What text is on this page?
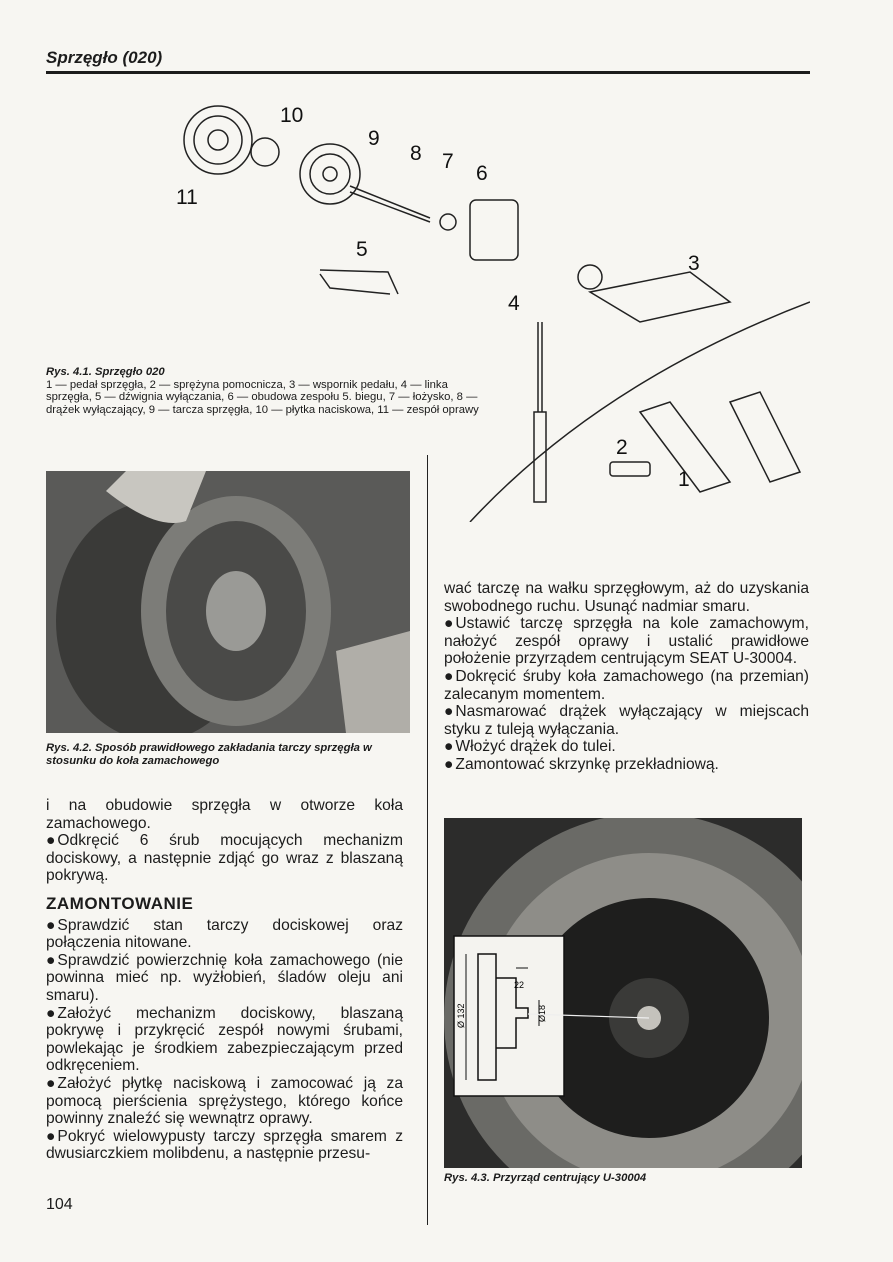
Sprzęgło (020)
10
9
8 7
6
5
4
3
2
1
11
Rys. 4.1. Sprzęgło 020
1 — pedał sprzęgła, 2 — sprężyna pomocnicza, 3 — wspornik pedału, 4 — linka sprzęgła, 5 — dźwignia wyłączania, 6 — obudowa zespołu 5. biegu, 7 — łożysko, 8 — drążek wyłączający, 9 — tarcza sprzęgła, 10 — płytka naciskowa, 11 — zespół oprawy
Rys. 4.2. Sposób prawidłowego zakładania tarczy sprzęgła w stosunku do koła zamachowego

i na obudowie sprzęgła w otworze koła zamachowego.

● Odkręcić 6 śrub mocujących mechanizm dociskowy, a następnie zdjąć go wraz z blaszaną pokrywą.

ZAMONTOWANIE

● Sprawdzić stan tarczy dociskowej oraz połączenia nitowane.

● Sprawdzić powierzchnię koła zamachowego (nie powinna mieć np. wyżłobień, śladów oleju ani smaru).

● Założyć mechanizm dociskowy, blaszaną pokrywę i przykręcić zespół nowymi śrubami, powlekając je środkiem zabezpieczającym przed odkręceniem.

● Założyć płytkę naciskową i zamocować ją za pomocą pierścienia sprężystego, którego końce powinny znaleźć się wewnątrz oprawy.

● Pokryć wielowypusty tarczy sprzęgła smarem z dwusiarczkiem molibdenu, a następnie przesu-

wać tarczę na wałku sprzęgłowym, aż do uzyskania swobodnego ruchu. Usunąć nadmiar smaru.

● Ustawić tarczę sprzęgła na kole zamachowym, nałożyć zespół oprawy i ustalić prawidłowe położenie przyrządem centrującym SEAT U-30004.

● Dokręcić śruby koła zamachowego (na przemian) zalecanym momentem.

● Nasmarować drążek wyłączający w miejscach styku z tuleją wyłączania.

● Włożyć drążek do tulei.

● Zamontować skrzynkę przekładniową.

Ø 132	Ø18
22
Rys. 4.3. Przyrząd centrujący U-30004
104
